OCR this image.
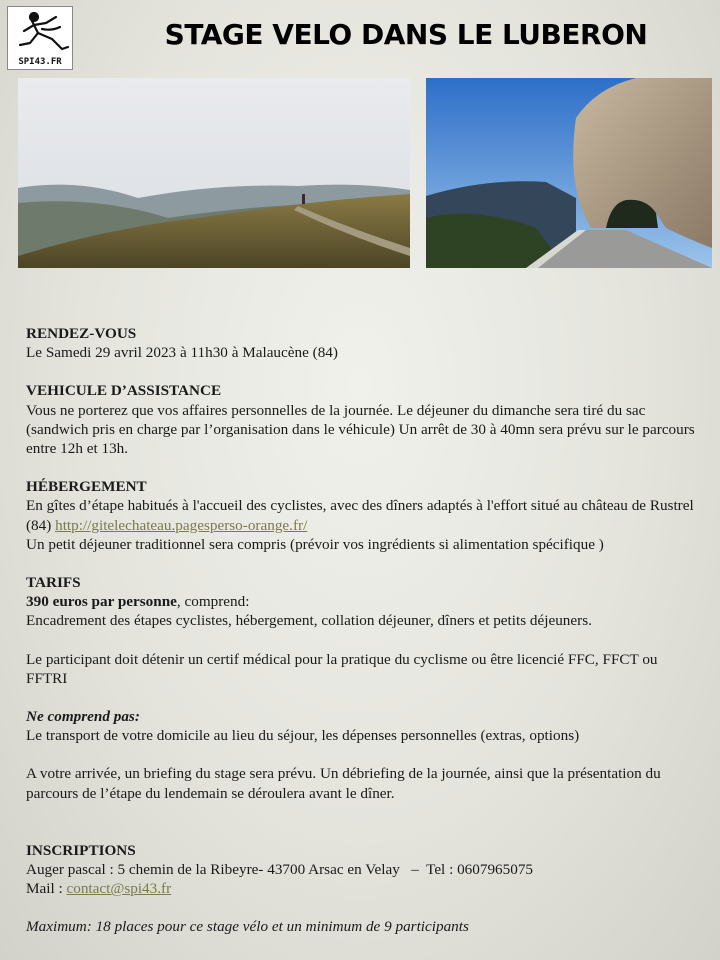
SPI43.FR
STAGE VELO DANS LE LUBERON

RENDEZ-VOUS

Le Samedi 29 avril 2023 à 11h30 à Malaucène (84)

VEHICULE D’ASSISTANCE

Vous ne porterez que vos affaires personnelles de la journée. Le déjeuner du dimanche sera tiré du sac (sandwich pris en charge par l’organisation dans le véhicule) Un arrêt de 30 à 40mn sera prévu sur le parcours entre 12h et 13h.

HÉBERGEMENT

En gîtes d’étape habitués à l'accueil des cyclistes, avec des dîners adaptés à l'effort situé au château de Rustrel (84) http://gitelechateau.pagesperso-orange.fr/

Un petit déjeuner traditionnel sera compris (prévoir vos ingrédients si alimentation spécifique )

TARIFS

390 euros par personne, comprend:

Encadrement des étapes cyclistes, hébergement, collation déjeuner, dîners et petits déjeuners.

Le participant doit détenir un certif médical pour la pratique du cyclisme ou être licencié FFC, FFCT ou FFTRI

Ne comprend pas:

Le transport de votre domicile au lieu du séjour, les dépenses personnelles (extras, options)

A votre arrivée, un briefing du stage sera prévu. Un débriefing de la journée, ainsi que la présentation du parcours de l’étape du lendemain se déroulera avant le dîner.

INSCRIPTIONS

Auger pascal : 5 chemin de la Ribeyre- 43700 Arsac en Velay   –  Tel : 0607965075

Mail : contact@spi43.fr

Maximum: 18 places pour ce stage vélo et un minimum de 9 participants
